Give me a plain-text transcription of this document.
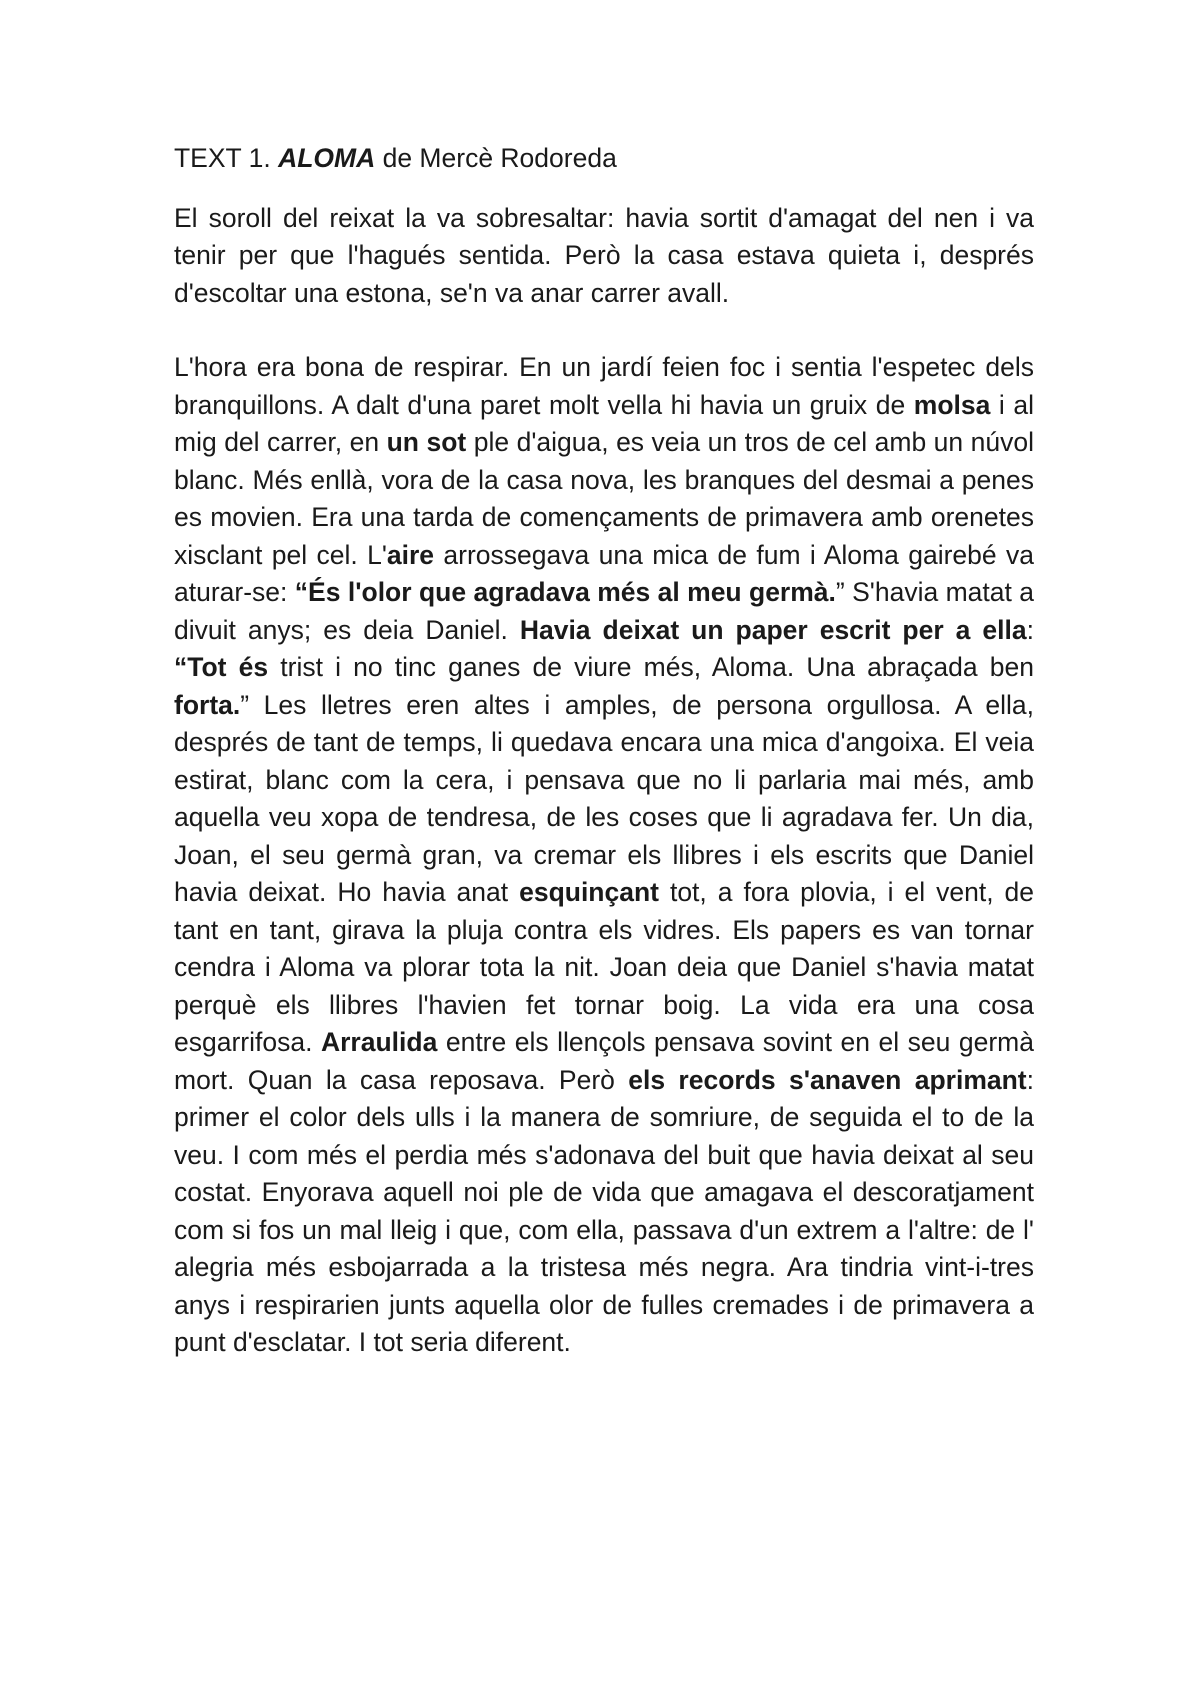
TEXT 1. ALOMA de Mercè Rodoreda

El soroll del reixat la va sobresaltar: havia sortit d'amagat del nen i va tenir per que l'hagués sentida. Però la casa estava quieta i, després d'escoltar una estona, se'n va anar carrer avall.

L'hora era bona de respirar. En un jardí feien foc i sentia l'espetec dels branquillons. A dalt d'una paret molt vella hi havia un gruix de molsa i al mig del carrer, en un sot ple d'aigua, es veia un tros de cel amb un núvol blanc. Més enllà, vora de la casa nova, les branques del desmai a penes es movien. Era una tarda de començaments de primavera amb orenetes xisclant pel cel. L'aire arrossegava una mica de fum i Aloma gairebé va aturar-se: “És l'olor que agradava més al meu germà.” S'havia matat a divuit anys; es deia Daniel. Havia deixat un paper escrit per a ella: “Tot és trist i no tinc ganes de viure més, Aloma. Una abraçada ben forta.” Les lletres eren altes i amples, de persona orgullosa. A ella, després de tant de temps, li quedava encara una mica d'angoixa. El veia estirat, blanc com la cera, i pensava que no li parlaria mai més, amb aquella veu xopa de tendresa, de les coses que li agradava fer. Un dia, Joan, el seu germà gran, va cremar els llibres i els escrits que Daniel havia deixat. Ho havia anat esquinçant tot, a fora plovia, i el vent, de tant en tant, girava la pluja contra els vidres. Els papers es van tornar cendra i Aloma va plorar tota la nit. Joan deia que Daniel s'havia matat perquè els llibres l'havien fet tornar boig. La vida era una cosa esgarrifosa. Arraulida entre els llençols pensava sovint en el seu germà mort. Quan la casa reposava. Però els records s'anaven aprimant: primer el color dels ulls i la manera de somriure, de seguida el to de la veu. I com més el perdia més s'adonava del buit que havia deixat al seu costat. Enyorava aquell noi ple de vida que amagava el descoratjament com si fos un mal lleig i que, com ella, passava d'un extrem a l'altre: de l' alegria més esbojarrada a la tristesa més negra. Ara tindria vint-i-tres anys i respirarien junts aquella olor de fulles cremades i de primavera a punt d'esclatar. I tot seria diferent.
